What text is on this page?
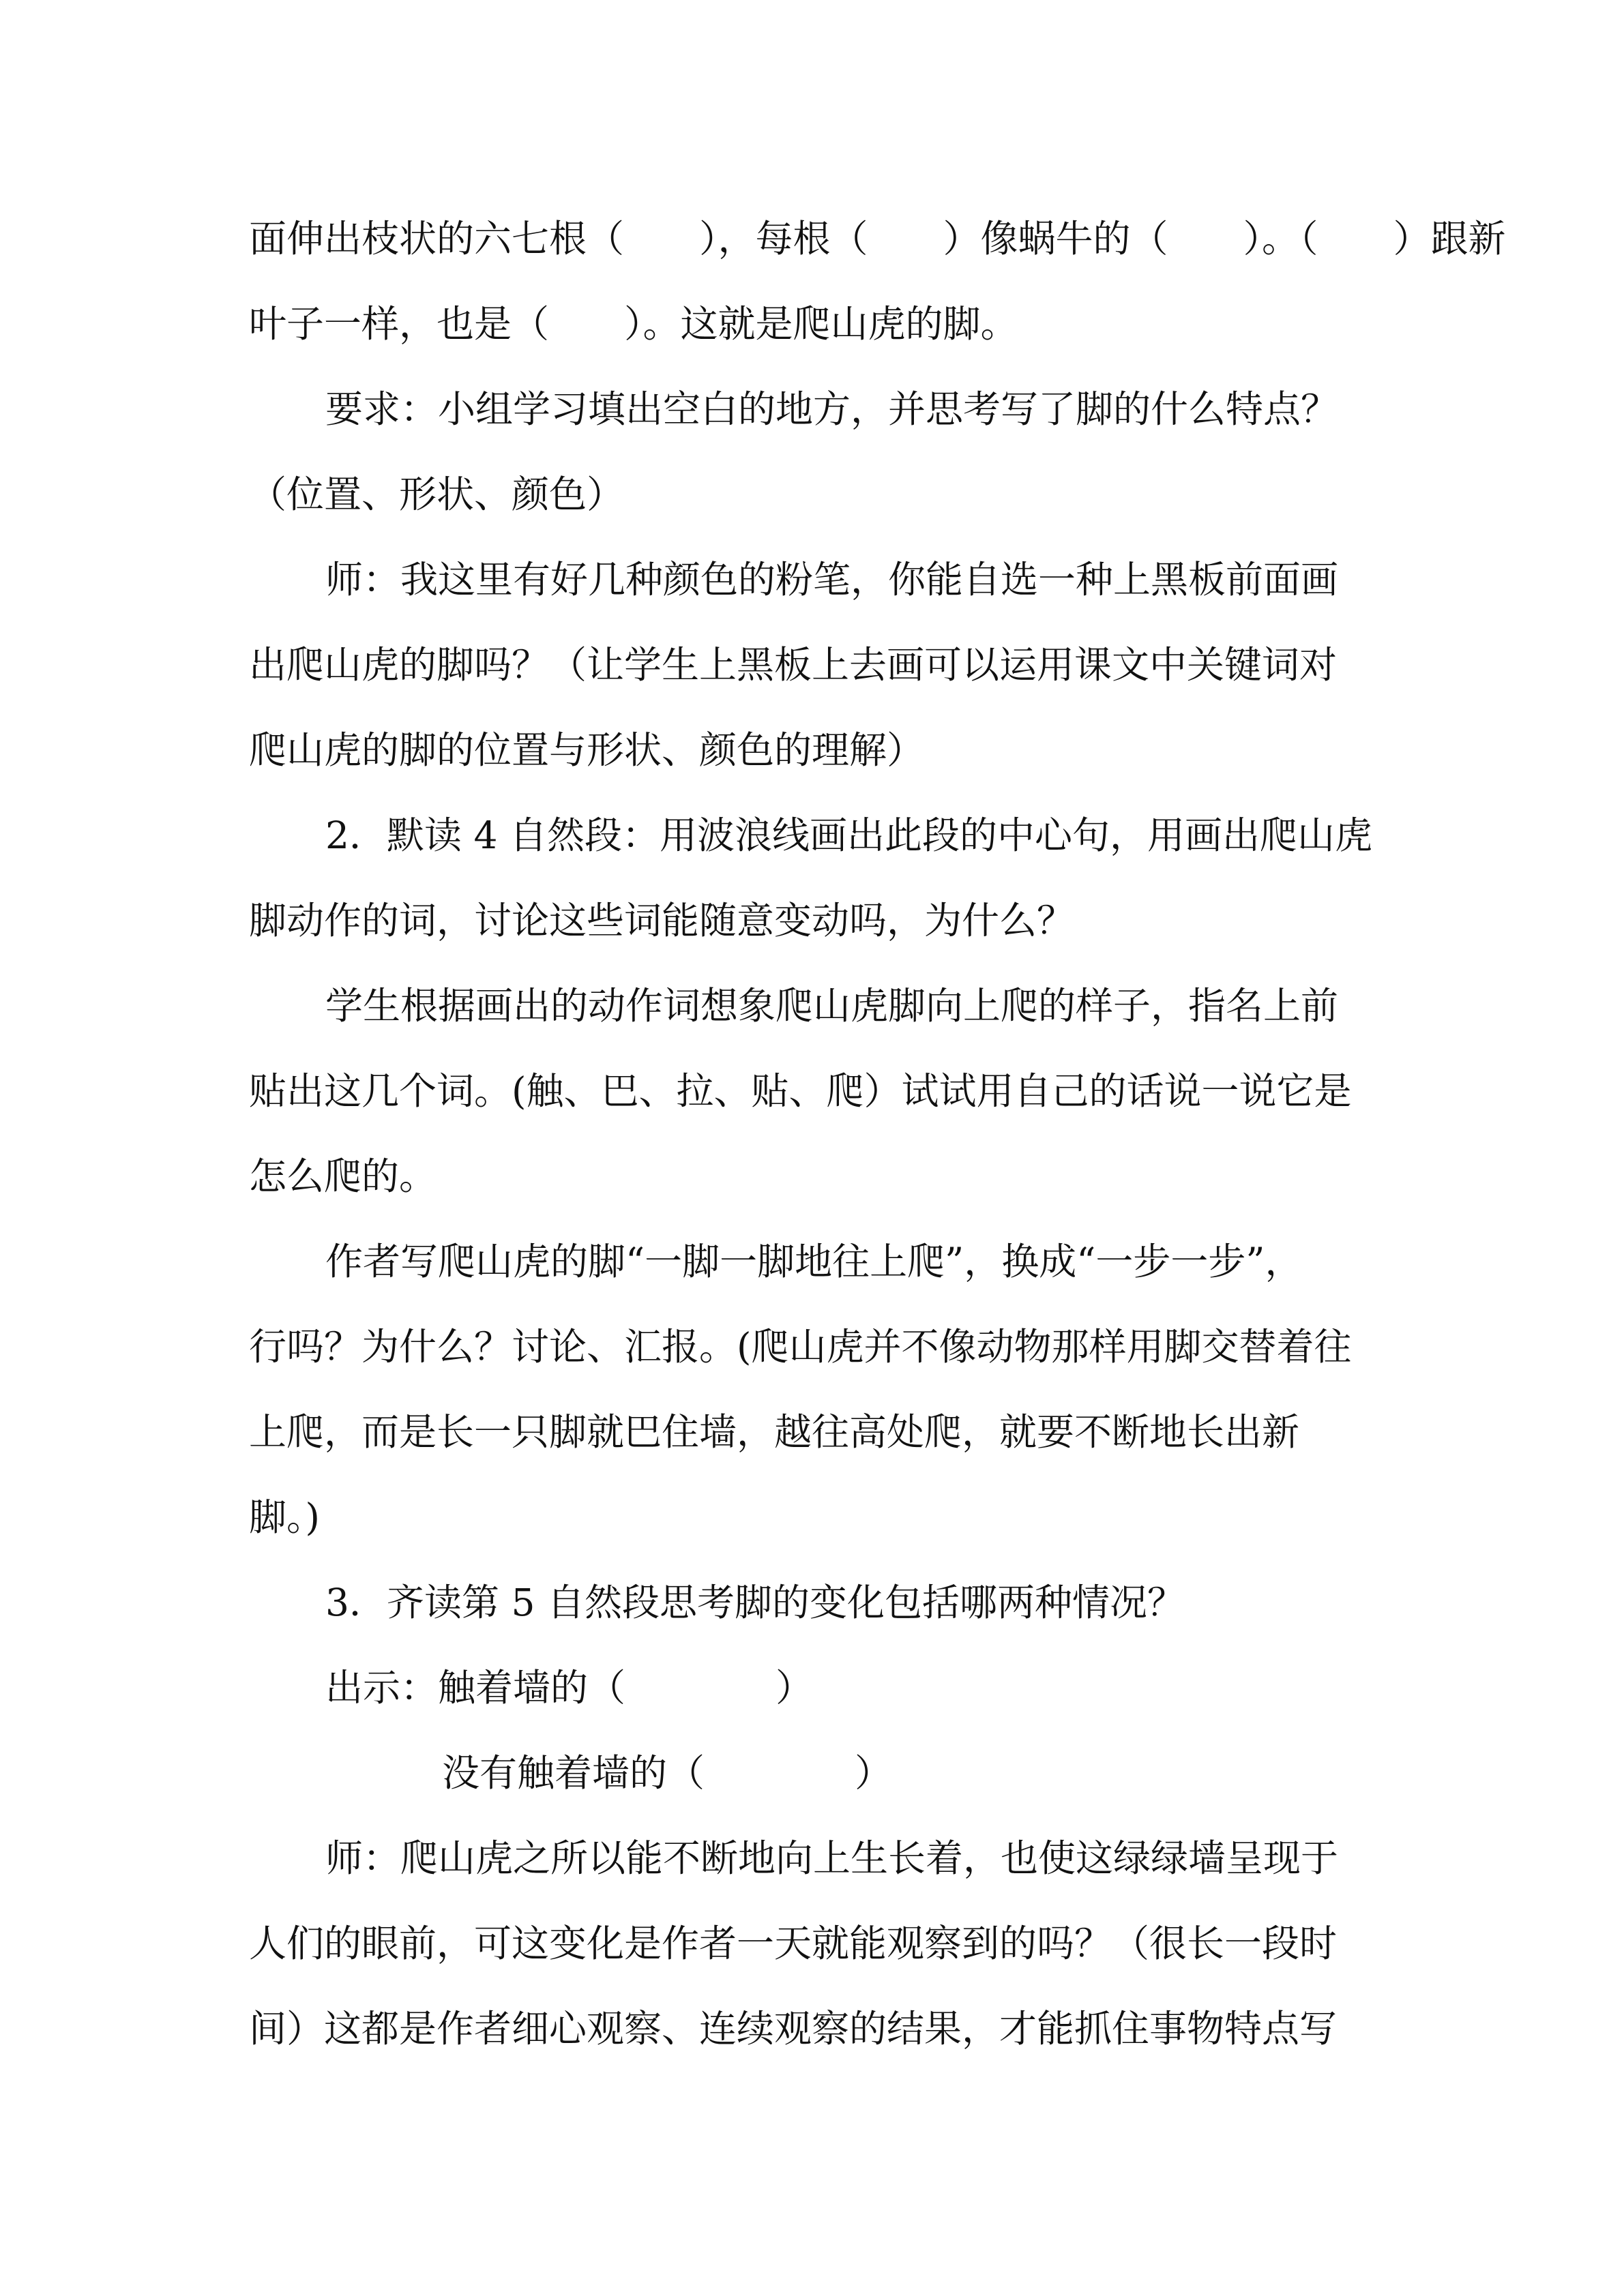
面伸出枝状的六七根（　　），每根（　　）像蜗牛的（　　）。（　　）跟新
叶子一样，也是（　　）。这就是爬山虎的脚。
要求：小组学习填出空白的地方，并思考写了脚的什么特点？
（位置、形状、颜色）
师：我这里有好几种颜色的粉笔，你能自选一种上黑板前面画
出爬山虎的脚吗？（让学生上黑板上去画可以运用课文中关键词对
爬山虎的脚的位置与形状、颜色的理解）
2．默读 4 自然段：用波浪线画出此段的中心句，用画出爬山虎
脚动作的词，讨论这些词能随意变动吗，为什么？
学生根据画出的动作词想象爬山虎脚向上爬的样子，指名上前
贴出这几个词。(触、巴、拉、贴、爬）试试用自己的话说一说它是
怎么爬的。
作者写爬山虎的脚“一脚一脚地往上爬”，换成“一步一步”，
行吗？为什么？讨论、汇报。(爬山虎并不像动物那样用脚交替着往
上爬，而是长一只脚就巴住墙，越往高处爬，就要不断地长出新
脚。)
3．齐读第 5 自然段思考脚的变化包括哪两种情况？
出示：触着墙的（　　　　）
没有触着墙的（　　　　）
师：爬山虎之所以能不断地向上生长着，也使这绿绿墙呈现于
人们的眼前，可这变化是作者一天就能观察到的吗？（很长一段时
间）这都是作者细心观察、连续观察的结果，才能抓住事物特点写
